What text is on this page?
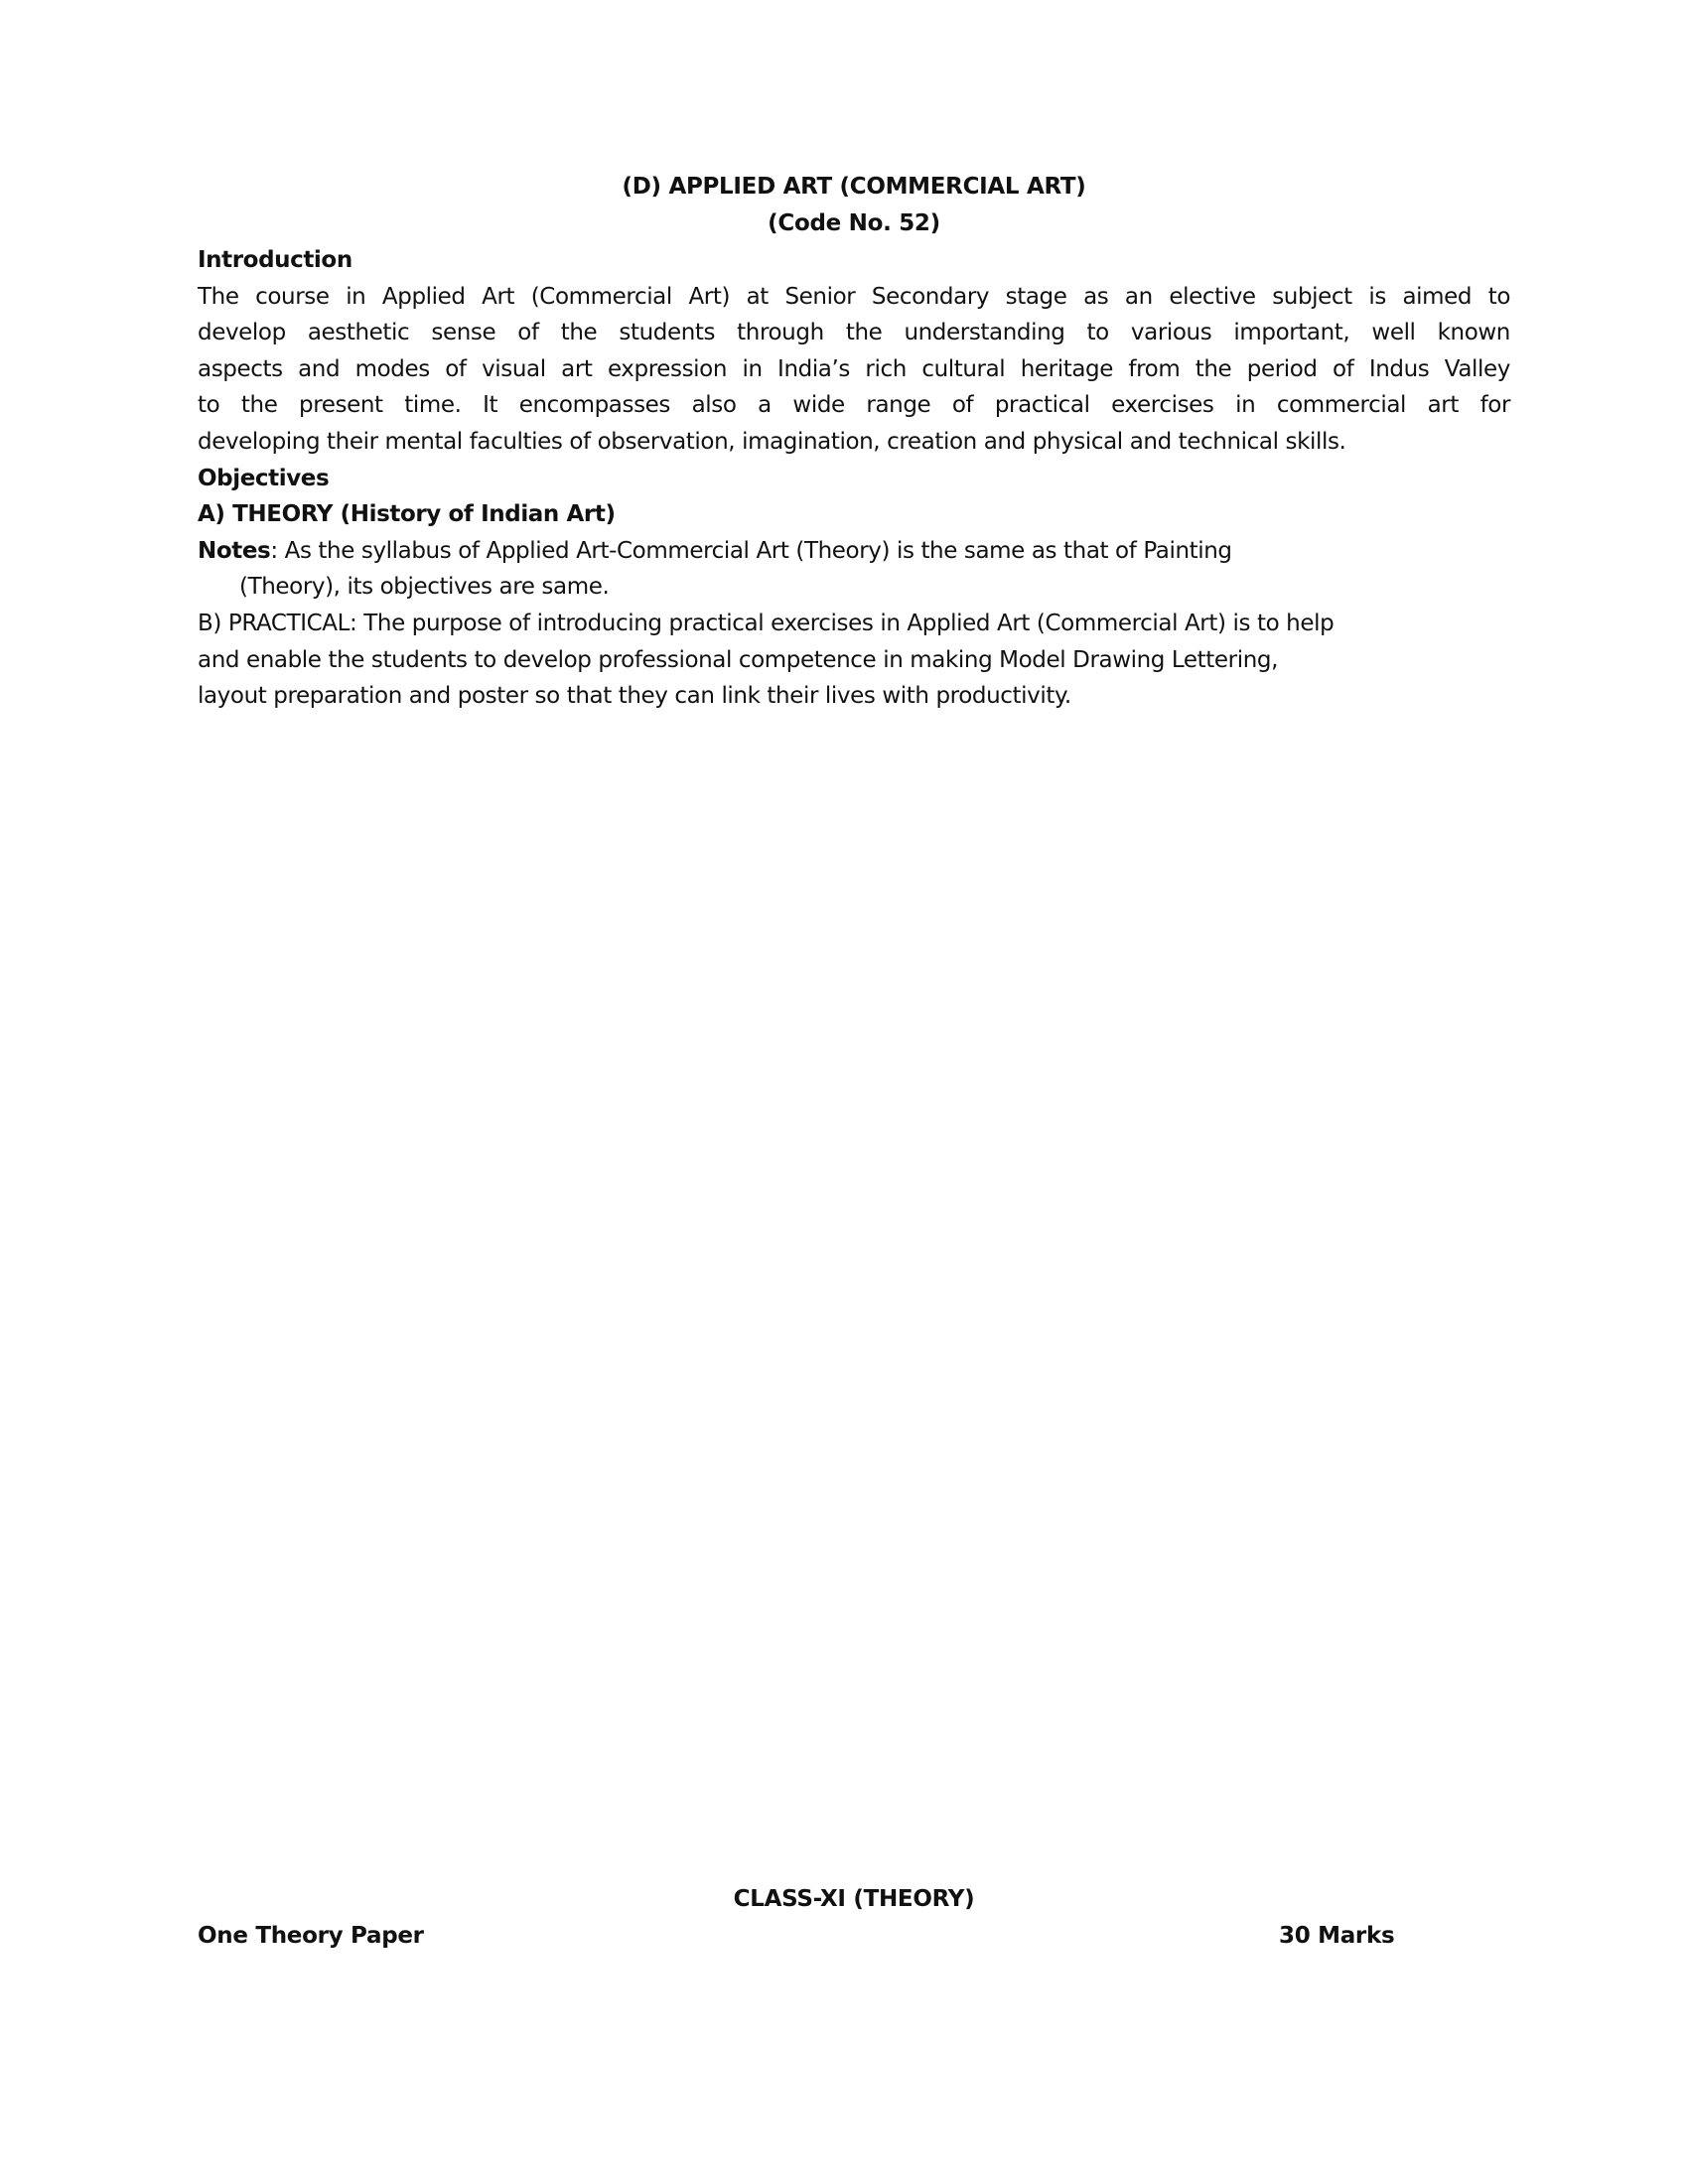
(D) APPLIED ART (COMMERCIAL ART)
(Code No. 52)
Introduction
The course in Applied Art (Commercial Art) at Senior Secondary stage as an elective subject is aimed to
develop aesthetic sense of the students through the understanding to various important, well known
aspects and modes of visual art expression in India’s rich cultural heritage from the period of Indus Valley
to the present time. It encompasses also a wide range of practical exercises in commercial art for
developing their mental faculties of observation, imagination, creation and physical and technical skills.
Objectives
A) THEORY (History of Indian Art)
Notes: As the syllabus of Applied Art-Commercial Art (Theory) is the same as that of Painting
(Theory), its objectives are same.
B) PRACTICAL: The purpose of introducing practical exercises in Applied Art (Commercial Art) is to help
and enable the students to develop professional competence in making Model Drawing Lettering,
layout preparation and poster so that they can link their lives with productivity.
CLASS-XI (THEORY)
One Theory Paper	30 Marks
